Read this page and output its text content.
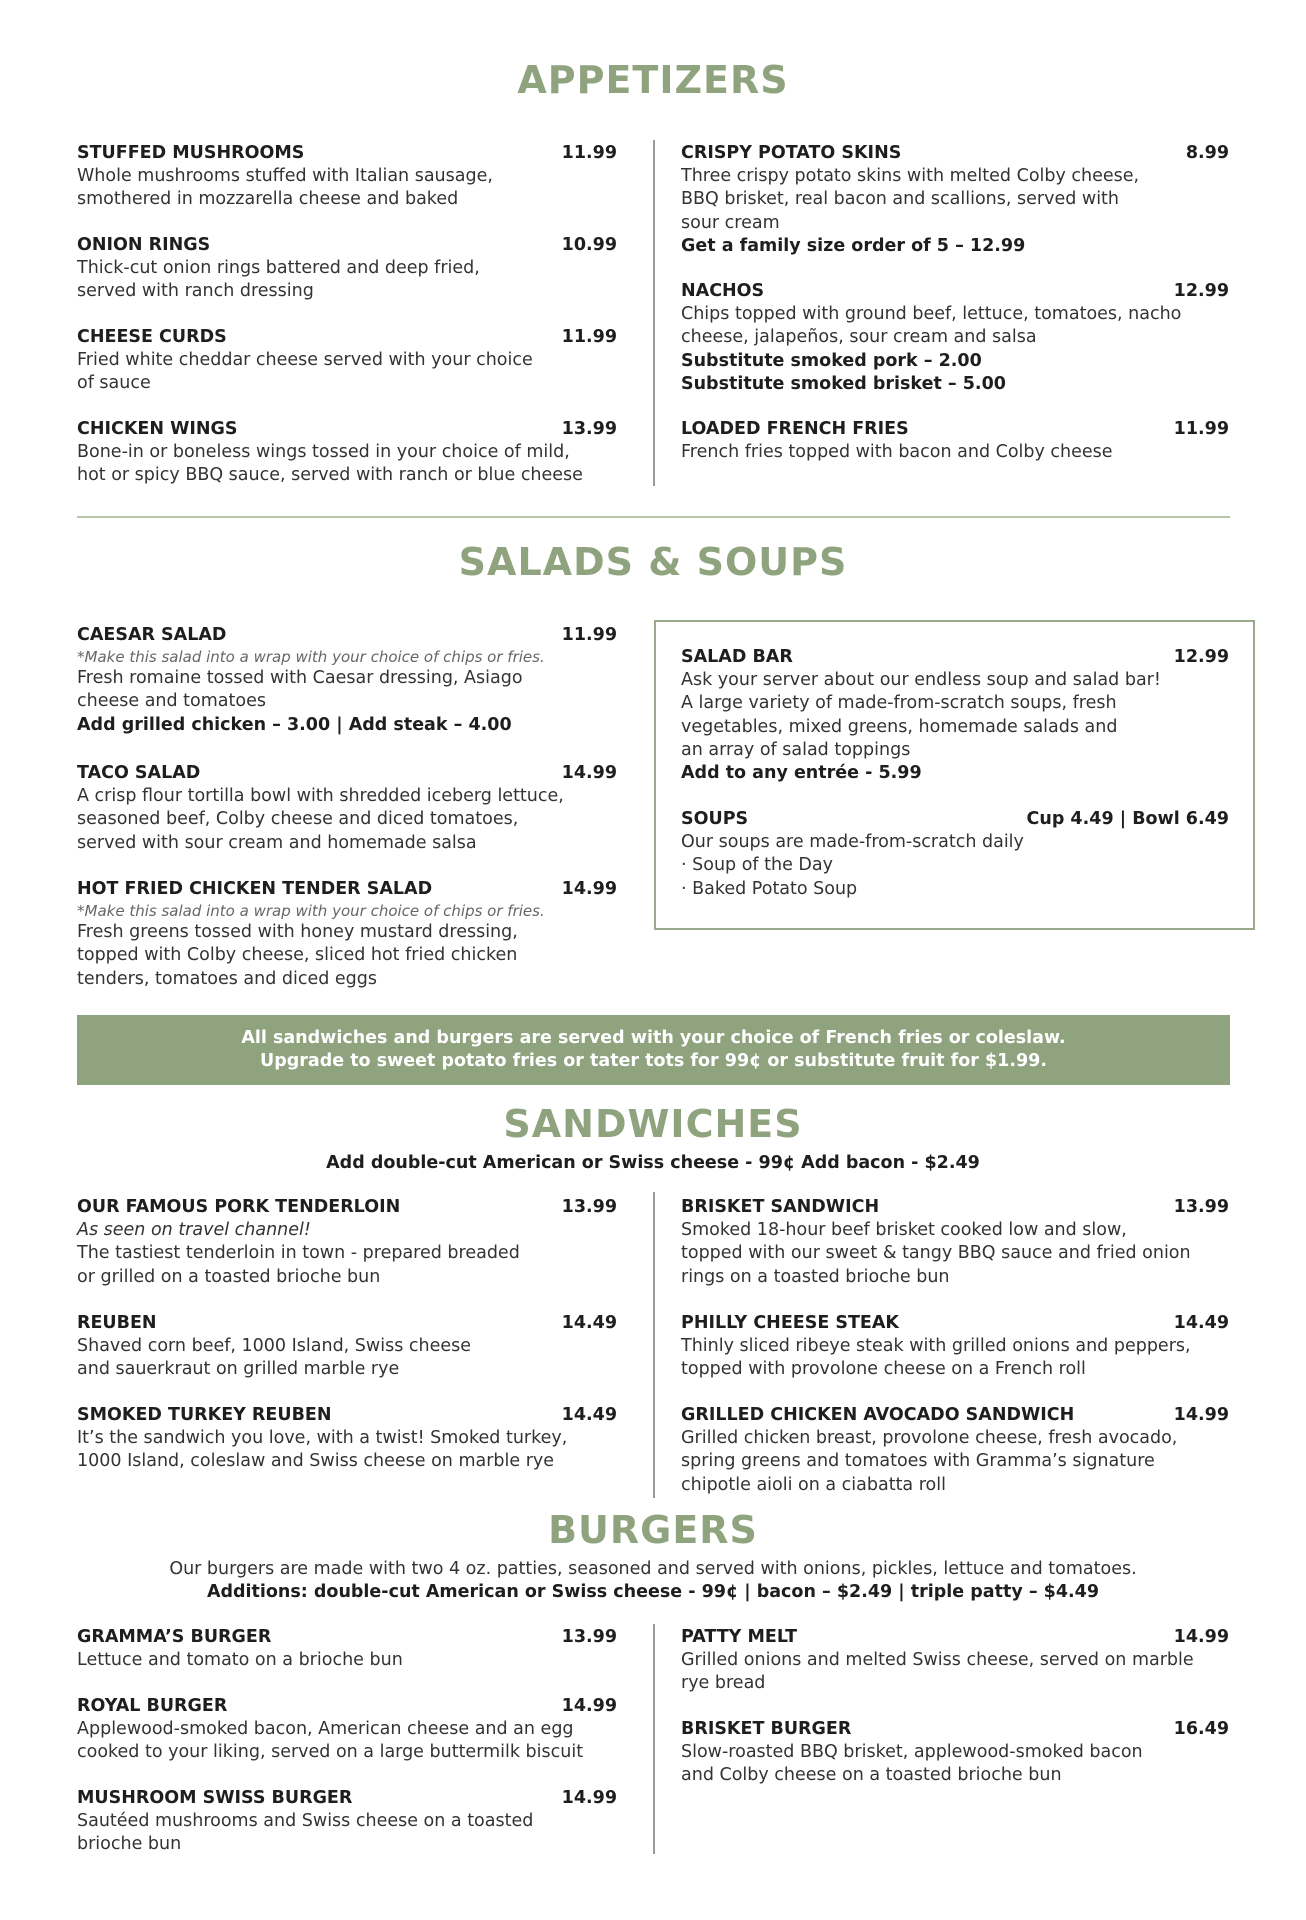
APPETIZERS
STUFFED MUSHROOMS	11.99
Whole mushrooms stuffed with Italian sausage,
smothered in mozzarella cheese and baked
ONION RINGS	10.99
Thick-cut onion rings battered and deep fried,
served with ranch dressing
CHEESE CURDS	11.99
Fried white cheddar cheese served with your choice
of sauce
CHICKEN WINGS	13.99
Bone-in or boneless wings tossed in your choice of mild,
hot or spicy BBQ sauce, served with ranch or blue cheese
CRISPY POTATO SKINS	8.99
Three crispy potato skins with melted Colby cheese,
BBQ brisket, real bacon and scallions, served with
sour cream
Get a family size order of 5 – 12.99
NACHOS	12.99
Chips topped with ground beef, lettuce, tomatoes, nacho
cheese, jalapeños, sour cream and salsa
Substitute smoked pork – 2.00
Substitute smoked brisket – 5.00
LOADED FRENCH FRIES	11.99
French fries topped with bacon and Colby cheese
SALADS & SOUPS
CAESAR SALAD	11.99
*Make this salad into a wrap with your choice of chips or fries.
Fresh romaine tossed with Caesar dressing, Asiago
cheese and tomatoes
Add grilled chicken – 3.00 | Add steak – 4.00
TACO SALAD	14.99
A crisp flour tortilla bowl with shredded iceberg lettuce,
seasoned beef, Colby cheese and diced tomatoes,
served with sour cream and homemade salsa
HOT FRIED CHICKEN TENDER SALAD	14.99
*Make this salad into a wrap with your choice of chips or fries.
Fresh greens tossed with honey mustard dressing,
topped with Colby cheese, sliced hot fried chicken
tenders, tomatoes and diced eggs
SALAD BAR	12.99
Ask your server about our endless soup and salad bar!
A large variety of made-from-scratch soups, fresh
vegetables, mixed greens, homemade salads and
an array of salad toppings
Add to any entrée - 5.99
SOUPS	Cup 4.49 | Bowl 6.49
Our soups are made-from-scratch daily
· Soup of the Day
· Baked Potato Soup
All sandwiches and burgers are served with your choice of French fries or coleslaw.
Upgrade to sweet potato fries or tater tots for 99¢ or substitute fruit for $1.99.
SANDWICHES
Add double-cut American or Swiss cheese - 99¢ Add bacon - $2.49
OUR FAMOUS PORK TENDERLOIN	13.99
As seen on travel channel!
The tastiest tenderloin in town - prepared breaded
or grilled on a toasted brioche bun
REUBEN	14.49
Shaved corn beef, 1000 Island, Swiss cheese
and sauerkraut on grilled marble rye
SMOKED TURKEY REUBEN	14.49
It’s the sandwich you love, with a twist! Smoked turkey,
1000 Island, coleslaw and Swiss cheese on marble rye
BRISKET SANDWICH	13.99
Smoked 18-hour beef brisket cooked low and slow,
topped with our sweet & tangy BBQ sauce and fried onion
rings on a toasted brioche bun
PHILLY CHEESE STEAK	14.49
Thinly sliced ribeye steak with grilled onions and peppers,
topped with provolone cheese on a French roll
GRILLED CHICKEN AVOCADO SANDWICH	14.99
Grilled chicken breast, provolone cheese, fresh avocado,
spring greens and tomatoes with Gramma’s signature
chipotle aioli on a ciabatta roll
BURGERS
Our burgers are made with two 4 oz. patties, seasoned and served with onions, pickles, lettuce and tomatoes.
Additions: double-cut American or Swiss cheese - 99¢ | bacon – $2.49 | triple patty – $4.49
GRAMMA’S BURGER	13.99
Lettuce and tomato on a brioche bun
ROYAL BURGER	14.99
Applewood-smoked bacon, American cheese and an egg
cooked to your liking, served on a large buttermilk biscuit
MUSHROOM SWISS BURGER	14.99
Sautéed mushrooms and Swiss cheese on a toasted
brioche bun
PATTY MELT	14.99
Grilled onions and melted Swiss cheese, served on marble
rye bread
BRISKET BURGER	16.49
Slow-roasted BBQ brisket, applewood-smoked bacon
and Colby cheese on a toasted brioche bun
